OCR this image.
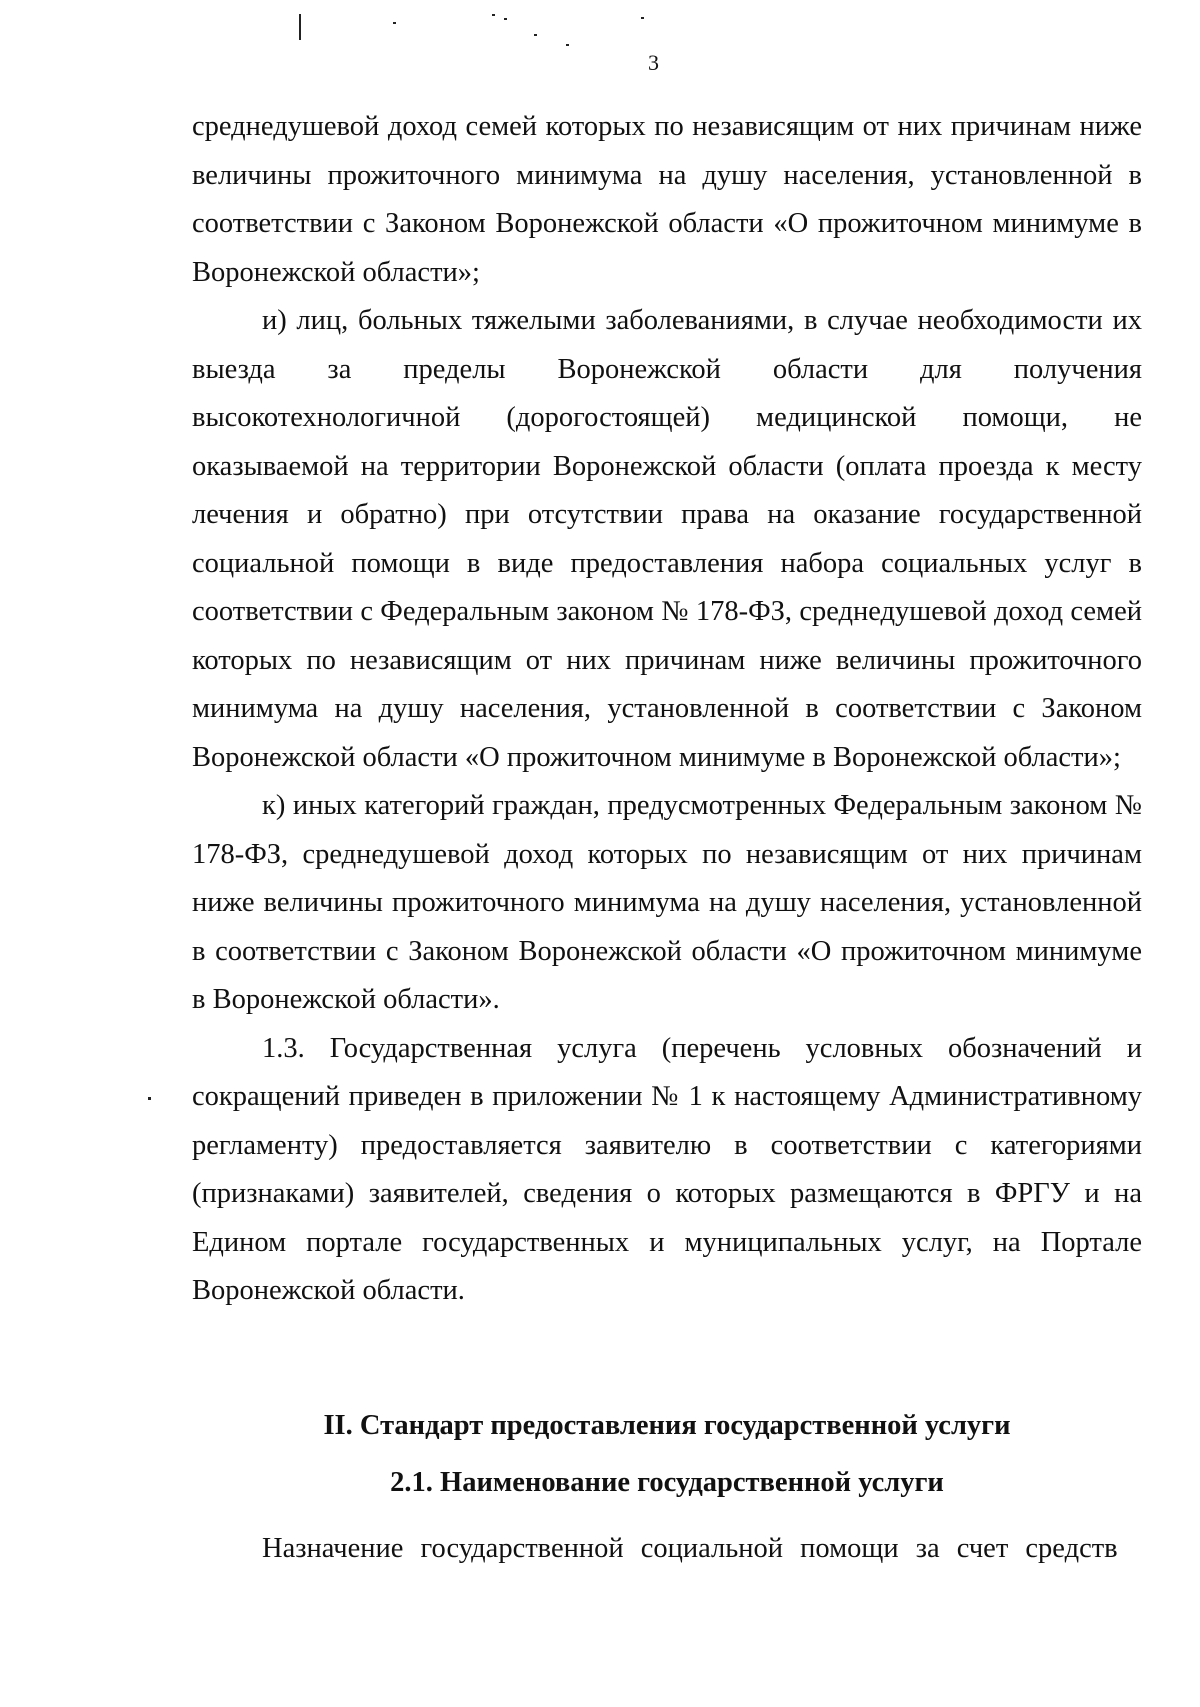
3

среднедушевой доход семей которых по независящим от них причинам ниже величины прожиточного минимума на душу населения, установленной в соответствии с Законом Воронежской области «О прожиточном минимуме в Воронежской области»;

и) лиц, больных тяжелыми заболеваниями, в случае необходимости их выезда за пределы Воронежской области для получения высокотехнологичной (дорогостоящей) медицинской помощи, не оказываемой на территории Воронежской области (оплата проезда к месту лечения и обратно) при отсутствии права на оказание государственной социальной помощи в виде предоставления набора социальных услуг в соответствии с Федеральным законом № 178-ФЗ, среднедушевой доход семей которых по независящим от них причинам ниже величины прожиточного минимума на душу населения, установленной в соответствии с Законом Воронежской области «О прожиточном минимуме в Воронежской области»;

к) иных категорий граждан, предусмотренных Федеральным законом № 178-ФЗ, среднедушевой доход которых по независящим от них причинам ниже величины прожиточного минимума на душу населения, установленной в соответствии с Законом Воронежской области «О прожиточном минимуме в Воронежской области».

1.3. Государственная услуга (перечень условных обозначений и сокращений приведен в приложении № 1 к настоящему Административному регламенту) предоставляется заявителю в соответствии с категориями (признаками) заявителей, сведения о которых размещаются в ФРГУ и на Едином портале государственных и муниципальных услуг, на Портале Воронежской области.

II. Стандарт предоставления государственной услуги
2.1. Наименование государственной услуги

Назначение государственной социальной помощи за счет средств
